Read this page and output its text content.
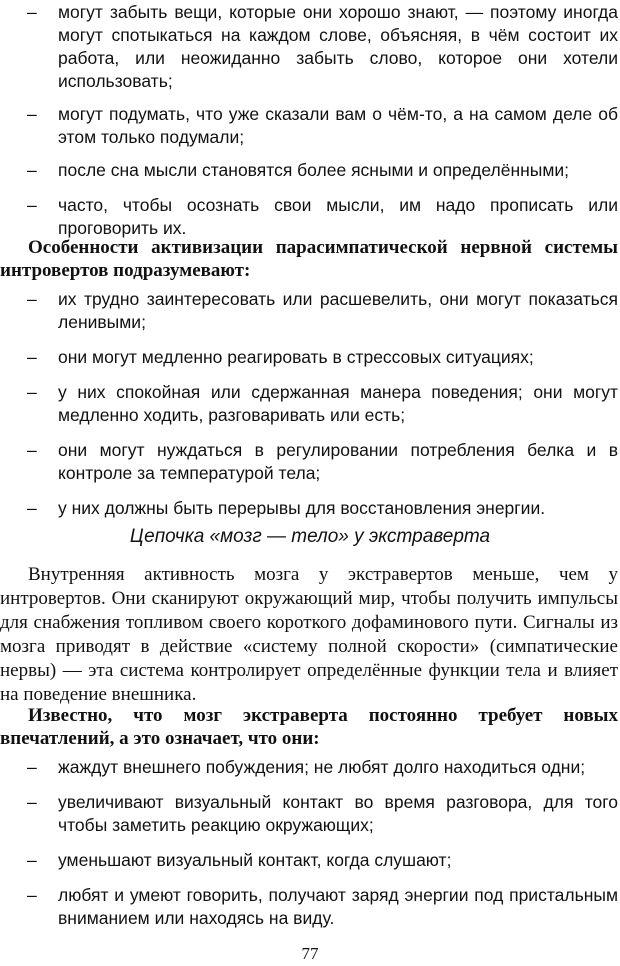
– могут забыть вещи, которые они хорошо знают, — поэтому иногда могут спотыкаться на каждом слове, объясняя, в чём состоит их работа, или неожиданно забыть слово, которое они хотели использовать;
– могут подумать, что уже сказали вам о чём-то, а на самом деле об этом только подумали;
– после сна мысли становятся более ясными и определёнными;
– часто, чтобы осознать свои мысли, им надо прописать или проговорить их.

Особенности активизации парасимпатической нервной системы интровертов подразумевают:

– их трудно заинтересовать или расшевелить, они могут показаться ленивыми;
– они могут медленно реагировать в стрессовых ситуациях;
– у них спокойная или сдержанная манера поведения; они могут медленно ходить, разговаривать или есть;
– они могут нуждаться в регулировании потребления белка и в контроле за температурой тела;
– у них должны быть перерывы для восстановления энергии.

Цепочка «мозг — тело» у экстраверта

Внутренняя активность мозга у экстравертов меньше, чем у интровертов. Они сканируют окружающий мир, чтобы получить импульсы для снабжения топливом своего короткого дофаминового пути. Сигналы из мозга приводят в действие «систему полной скорости» (симпатические нервы) — эта система контролирует определённые функции тела и влияет на поведение внешника.

Известно, что мозг экстраверта постоянно требует новых впечатлений, а это означает, что они:

– жаждут внешнего побуждения; не любят долго находиться одни;
– увеличивают визуальный контакт во время разговора, для того чтобы заметить реакцию окружающих;
– уменьшают визуальный контакт, когда слушают;
– любят и умеют говорить, получают заряд энергии под пристальным вниманием или находясь на виду.
77
